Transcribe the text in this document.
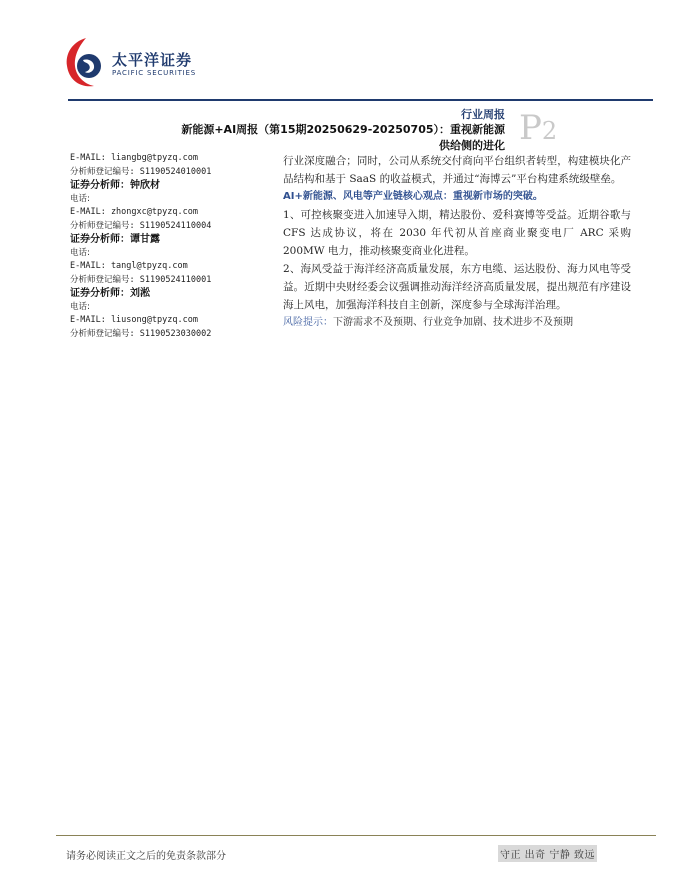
太平洋证券
PACIFIC SECURITIES
行业周报
新能源+AI周报（第15期20250629-20250705）：重视新能源
供给侧的进化 P2
E-MAIL: liangbg@tpyzq.com
分析师登记编号: S1190524010001
证券分析师：钟欣材
电话:
E-MAIL: zhongxc@tpyzq.com
分析师登记编号: S1190524110004
证券分析师：谭甘露
电话:
E-MAIL: tangl@tpyzq.com
分析师登记编号: S1190524110001
证券分析师：刘淞
电话:
E-MAIL: liusong@tpyzq.com
分析师登记编号: S1190523030002

行业深度融合；同时，公司从系统交付商向平台组织者转型，构建模块化产品结构和基于 SaaS 的收益模式，并通过“海博云”平台构建系统级壁垒。

AI+新能源、风电等产业链核心观点：重视新市场的突破。

1、可控核聚变进入加速导入期，精达股份、爱科赛博等受益。近期谷歌与 CFS 达成协议，将在 2030 年代初从首座商业聚变电厂 ARC 采购 200MW 电力，推动核聚变商业化进程。

2、海风受益于海洋经济高质量发展，东方电缆、运达股份、海力风电等受益。近期中央财经委会议强调推动海洋经济高质量发展，提出规范有序建设海上风电，加强海洋科技自主创新，深度参与全球海洋治理。

风险提示：下游需求不及预期、行业竞争加剧、技术进步不及预期

请务必阅读正文之后的免责条款部分	守正 出奇 宁静 致远
